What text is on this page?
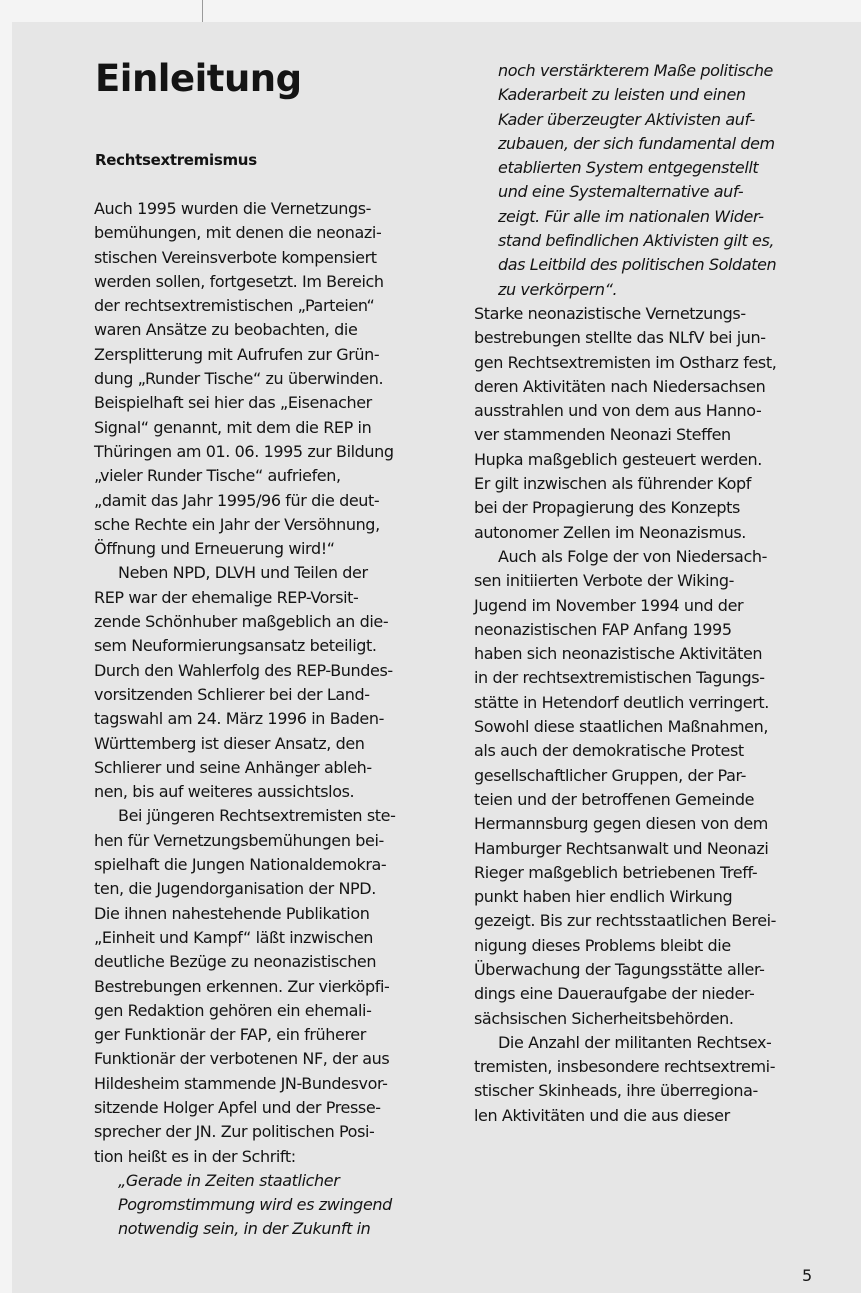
Einleitung
Rechtsextremismus

Auch 1995 wurden die Vernetzungs-
bemühungen, mit denen die neonazi-
stischen Vereinsverbote kompensiert
werden sollen, fortgesetzt. Im Bereich
der rechtsextremistischen „Parteien“
waren Ansätze zu beobachten, die
Zersplitterung mit Aufrufen zur Grün-
dung „Runder Tische“ zu überwinden.
Beispielhaft sei hier das „Eisenacher
Signal“ genannt, mit dem die REP in
Thüringen am 01. 06. 1995 zur Bildung
„vieler Runder Tische“ aufriefen,
„damit das Jahr 1995/96 für die deut-
sche Rechte ein Jahr der Versöhnung,
Öffnung und Erneuerung wird!“

Neben NPD, DLVH und Teilen der
REP war der ehemalige REP-Vorsit-
zende Schönhuber maßgeblich an die-
sem Neuformierungsansatz beteiligt.
Durch den Wahlerfolg des REP-Bundes-
vorsitzenden Schlierer bei der Land-
tagswahl am 24. März 1996 in Baden-
Württemberg ist dieser Ansatz, den
Schlierer und seine Anhänger ableh-
nen, bis auf weiteres aussichtslos.

Bei jüngeren Rechtsextremisten ste-
hen für Vernetzungsbemühungen bei-
spielhaft die Jungen Nationaldemokra-
ten, die Jugendorganisation der NPD.
Die ihnen nahestehende Publikation
„Einheit und Kampf“ läßt inzwischen
deutliche Bezüge zu neonazistischen
Bestrebungen erkennen. Zur vierköpfi-
gen Redaktion gehören ein ehemali-
ger Funktionär der FAP, ein früherer
Funktionär der verbotenen NF, der aus
Hildesheim stammende JN-Bundesvor-
sitzende Holger Apfel und der Presse-
sprecher der JN. Zur politischen Posi-
tion heißt es in der Schrift:

„Gerade in Zeiten staatlicher
Pogromstimmung wird es zwingend
notwendig sein, in der Zukunft in

noch verstärkterem Maße politische
Kaderarbeit zu leisten und einen
Kader überzeugter Aktivisten auf-
zubauen, der sich fundamental dem
etablierten System entgegenstellt
und eine Systemalternative auf-
zeigt. Für alle im nationalen Wider-
stand befindlichen Aktivisten gilt es,
das Leitbild des politischen Soldaten
zu verkörpern“.

Starke neonazistische Vernetzungs-
bestrebungen stellte das NLfV bei jun-
gen Rechtsextremisten im Ostharz fest,
deren Aktivitäten nach Niedersachsen
ausstrahlen und von dem aus Hanno-
ver stammenden Neonazi Steffen
Hupka maßgeblich gesteuert werden.
Er gilt inzwischen als führender Kopf
bei der Propagierung des Konzepts
autonomer Zellen im Neonazismus.

Auch als Folge der von Niedersach-
sen initiierten Verbote der Wiking-
Jugend im November 1994 und der
neonazistischen FAP Anfang 1995
haben sich neonazistische Aktivitäten
in der rechtsextremistischen Tagungs-
stätte in Hetendorf deutlich verringert.
Sowohl diese staatlichen Maßnahmen,
als auch der demokratische Protest
gesellschaftlicher Gruppen, der Par-
teien und der betroffenen Gemeinde
Hermannsburg gegen diesen von dem
Hamburger Rechtsanwalt und Neonazi
Rieger maßgeblich betriebenen Treff-
punkt haben hier endlich Wirkung
gezeigt. Bis zur rechtsstaatlichen Berei-
nigung dieses Problems bleibt die
Überwachung der Tagungsstätte aller-
dings eine Daueraufgabe der nieder-
sächsischen Sicherheitsbehörden.

Die Anzahl der militanten Rechtsex-
tremisten, insbesondere rechtsextremi-
stischer Skinheads, ihre überregiona-
len Aktivitäten und die aus dieser

5
